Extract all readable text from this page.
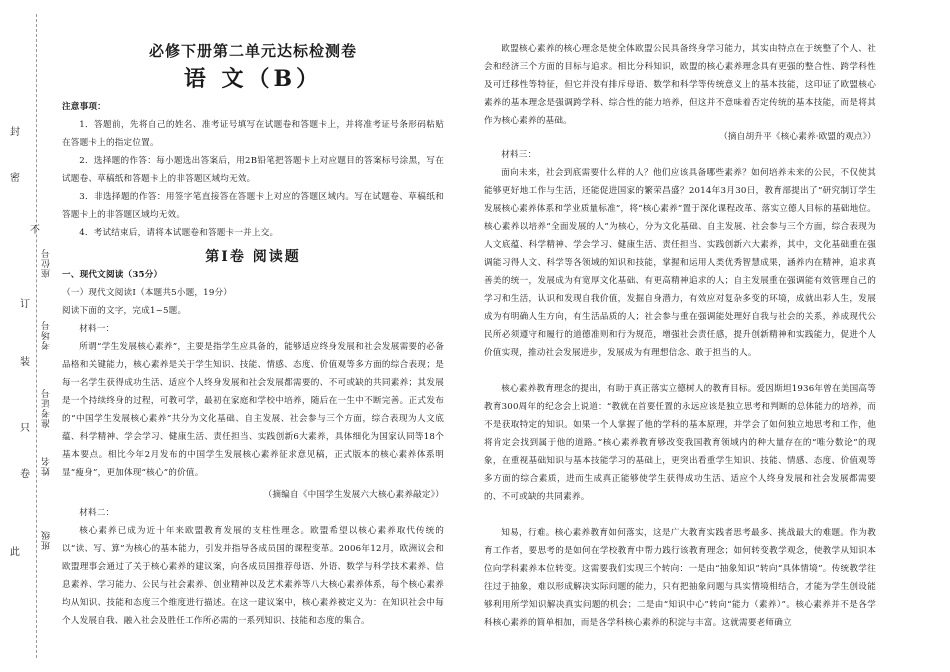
封
密
不
订
装
只
卷
此
座位号
考场号
准考证号
姓名
班级
必修下册第二单元达标检测卷
语 文（B）
注意事项：
1．答题前，先将自己的姓名、准考证号填写在试题卷和答题卡上，并将准考证号条形码粘贴在答题卡上的指定位置。
2．选择题的作答：每小题选出答案后，用2B铅笔把答题卡上对应题目的答案标号涂黑，写在试题卷、草稿纸和答题卡上的非答题区域均无效。
3．非选择题的作答：用签字笔直接答在答题卡上对应的答题区域内。写在试题卷、草稿纸和答题卡上的非答题区域均无效。
4．考试结束后，请将本试题卷和答题卡一并上交。
第Ⅰ卷 阅读题
一、现代文阅读（35分）
（一）现代文阅读Ⅰ（本题共5小题，19分）
阅读下面的文字，完成1~5题。
材料一：
所谓“学生发展核心素养”，主要是指学生应具备的，能够适应终身发展和社会发展需要的必备品格和关键能力，核心素养是关于学生知识、技能、情感、态度、价值观等多方面的综合表现；是每一名学生获得成功生活、适应个人终身发展和社会发展都需要的、不可或缺的共同素养；其发展是一个持续终身的过程，可教可学，最初在家庭和学校中培养，随后在一生中不断完善。正式发布的“中国学生发展核心素养”共分为文化基础、自主发展、社会参与三个方面，综合表现为人文底蕴、科学精神、学会学习、健康生活、责任担当、实践创新6大素养，具体细化为国家认同等18个基本要点。相比今年2月发布的中国学生发展核心素养征求意见稿，正式版本的核心素养体系明显“瘦身”，更加体现“核心”的价值。
（摘编自《中国学生发展六大核心素养敲定》）
材料二：
核心素养已成为近十年来欧盟教育发展的支柱性理念。欧盟希望以核心素养取代传统的以“读、写、算”为核心的基本能力，引发并指导各成员国的课程变革。2006年12月，欧洲议会和欧盟理事会通过了关于核心素养的建议案，向各成员国推荐母语、外语、数学与科学技术素养、信息素养、学习能力、公民与社会素养、创业精神以及艺术素养等八大核心素养体系，每个核心素养均从知识、技能和态度三个维度进行描述。在这一建议案中，核心素养被定义为：在知识社会中每个人发展自我、融入社会及胜任工作所必需的一系列知识、技能和态度的集合。
欧盟核心素养的核心理念是使全体欧盟公民具备终身学习能力，其实由特点在于统整了个人、社会和经济三个方面的目标与追求。相比分科知识，欧盟的核心素养理念具有更强的整合性、跨学科性及可迁移性等特征，但它并没有排斥母语、数学和科学等传统意义上的基本技能，这印证了欧盟核心素养的基本理念是强调跨学科、综合性的能力培养，但这并不意味着否定传统的基本技能，而是将其作为核心素养的基础。
（摘自胡升平《核心素养·欧盟的观点》）
材料三：
面向未来，社会到底需要什么样的人？他们应该具备哪些素养？如何培养未来的公民，不仅使其能够更好地工作与生活，还能促进国家的繁荣昌盛？2014年3月30日，教育部提出了“研究制订学生发展核心素养体系和学业质量标准”，将“核心素养”置于深化课程改革、落实立德人目标的基础地位。核心素养以培养“全面发展的人”为核心，分为文化基础、自主发展、社会参与三个方面，综合表现为人文底蕴、科学精神、学会学习、健康生活、责任担当、实践创新六大素养，其中，文化基础重在强调能习得人文、科学等各领域的知识和技能，掌握和运用人类优秀智慧成果，涵养内在精神，追求真善美的统一，发展成为有宽厚文化基础、有更高精神追求的人；自主发展重在强调能有效管理自己的学习和生活，认识和发现自我价值，发掘自身潜力，有效应对复杂多变的环境，成就出彩人生，发展成为有明确人生方向，有生活品质的人；社会参与重在强调能处理好自我与社会的关系，养成现代公民所必须遵守和履行的道德准则和行为规范，增强社会责任感，提升创新精神和实践能力，促进个人价值实现，推动社会发展进步，发展成为有理想信念、敢于担当的人。
核心素养教育理念的提出，有助于真正落实立德树人的教育目标。爱因斯坦1936年曾在美国高等教育300周年的纪念会上说道：“教就在首要任置的永远应该是独立思考和判断的总体能力的培养，而不是获取特定的知识。如果一个人掌握了他的学科的基本原理，并学会了如何独立地思考和工作，他将肯定会找到属于他的道路。”核心素养教育够改变我国教育领域内的种大量存在的“唯分数论”的现象，在重视基础知识与基本技能学习的基础上，更突出看重学生知识、技能、情感、态度、价值观等多方面的综合素质，进而生成真正能够使学生获得成功生活、适应个人终身发展和社会发展都需要的、不可或缺的共同素养。
知易，行难。核心素养教育如何落实，这是广大教育实践者思考最多、挑战最大的难题。作为教育工作者，要思考的是如何在学校教育中帮力践行该教育理念；如何转变教学观念，使教学从知识本位向学科素养本位转变。这需要我们实现三个转向：一是由“抽象知识”转向“具体情境”。传统教学往往过于抽象，难以形成解决实际问题的能力，只有把抽象问题与具实情境相结合，才能为学生创设能够利用所学知识解决真实问题的机会；二是由“知识中心”转向“能力（素养）”。核心素养并不是各学科核心素养的简单相加，而是各学科核心素养的积淀与丰富。这就需要老师确立
